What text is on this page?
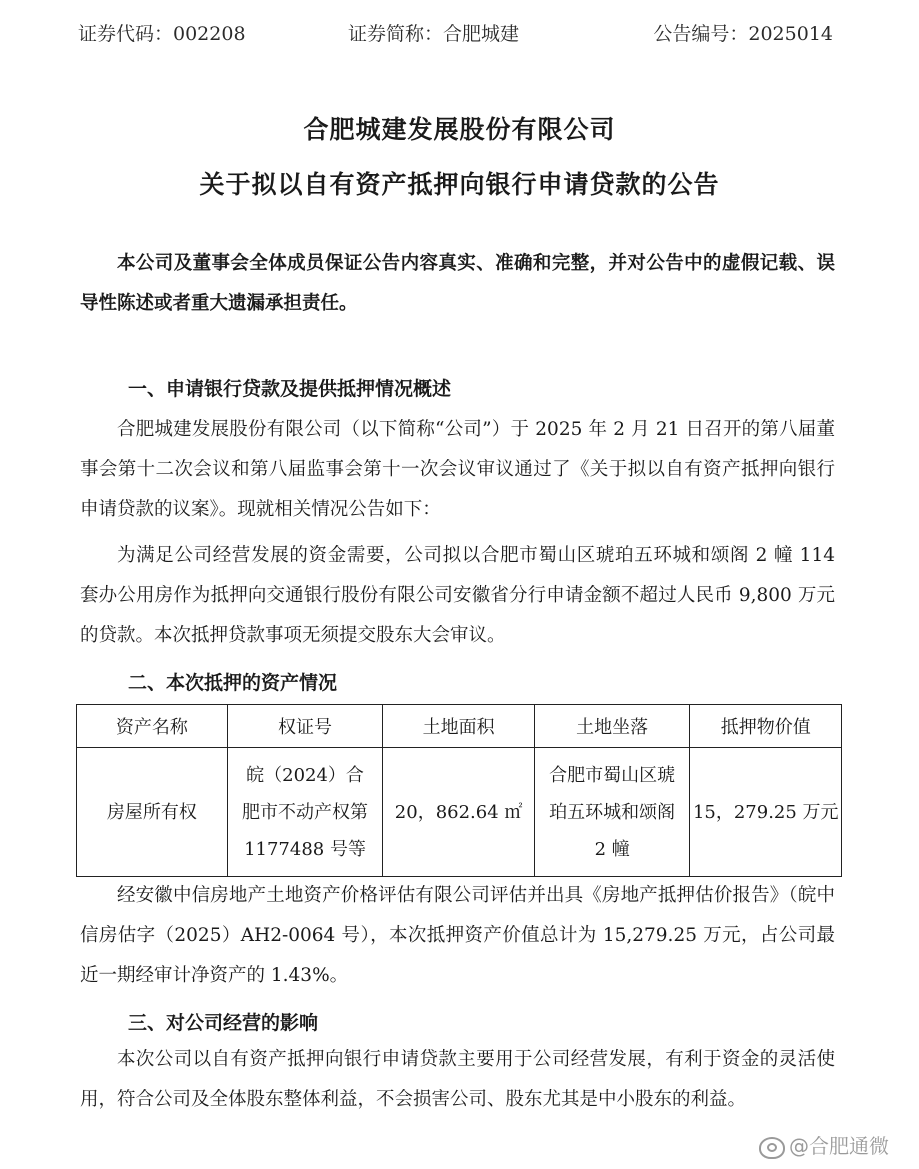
证券代码：002208	证券简称：合肥城建	公告编号：2025014
合肥城建发展股份有限公司
关于拟以自有资产抵押向银行申请贷款的公告
本公司及董事会全体成员保证公告内容真实、准确和完整，并对公告中的虚假记载、误导性陈述或者重大遗漏承担责任。
一、申请银行贷款及提供抵押情况概述
合肥城建发展股份有限公司（以下简称“公司”）于 2025 年 2 月 21 日召开的第八届董事会第十二次会议和第八届监事会第十一次会议审议通过了《关于拟以自有资产抵押向银行申请贷款的议案》。现就相关情况公告如下：
为满足公司经营发展的资金需要，公司拟以合肥市蜀山区琥珀五环城和颂阁 2 幢 114 套办公用房作为抵押向交通银行股份有限公司安徽省分行申请金额不超过人民币 9,800 万元的贷款。本次抵押贷款事项无须提交股东大会审议。
二、本次抵押的资产情况
资产名称	权证号	土地面积	土地坐落	抵押物价值
房屋所有权	皖（2024）合肥市不动产权第 1177488 号等	20，862.64 ㎡	合肥市蜀山区琥珀五环城和颂阁 2 幢	15，279.25 万元
经安徽中信房地产土地资产价格评估有限公司评估并出具《房地产抵押估价报告》（皖中信房估字（2025）AH2-0064 号），本次抵押资产价值总计为 15,279.25 万元，占公司最近一期经审计净资产的 1.43%。
三、对公司经营的影响
本次公司以自有资产抵押向银行申请贷款主要用于公司经营发展，有利于资金的灵活使用，符合公司及全体股东整体利益，不会损害公司、股东尤其是中小股东的利益。
@合肥通微
